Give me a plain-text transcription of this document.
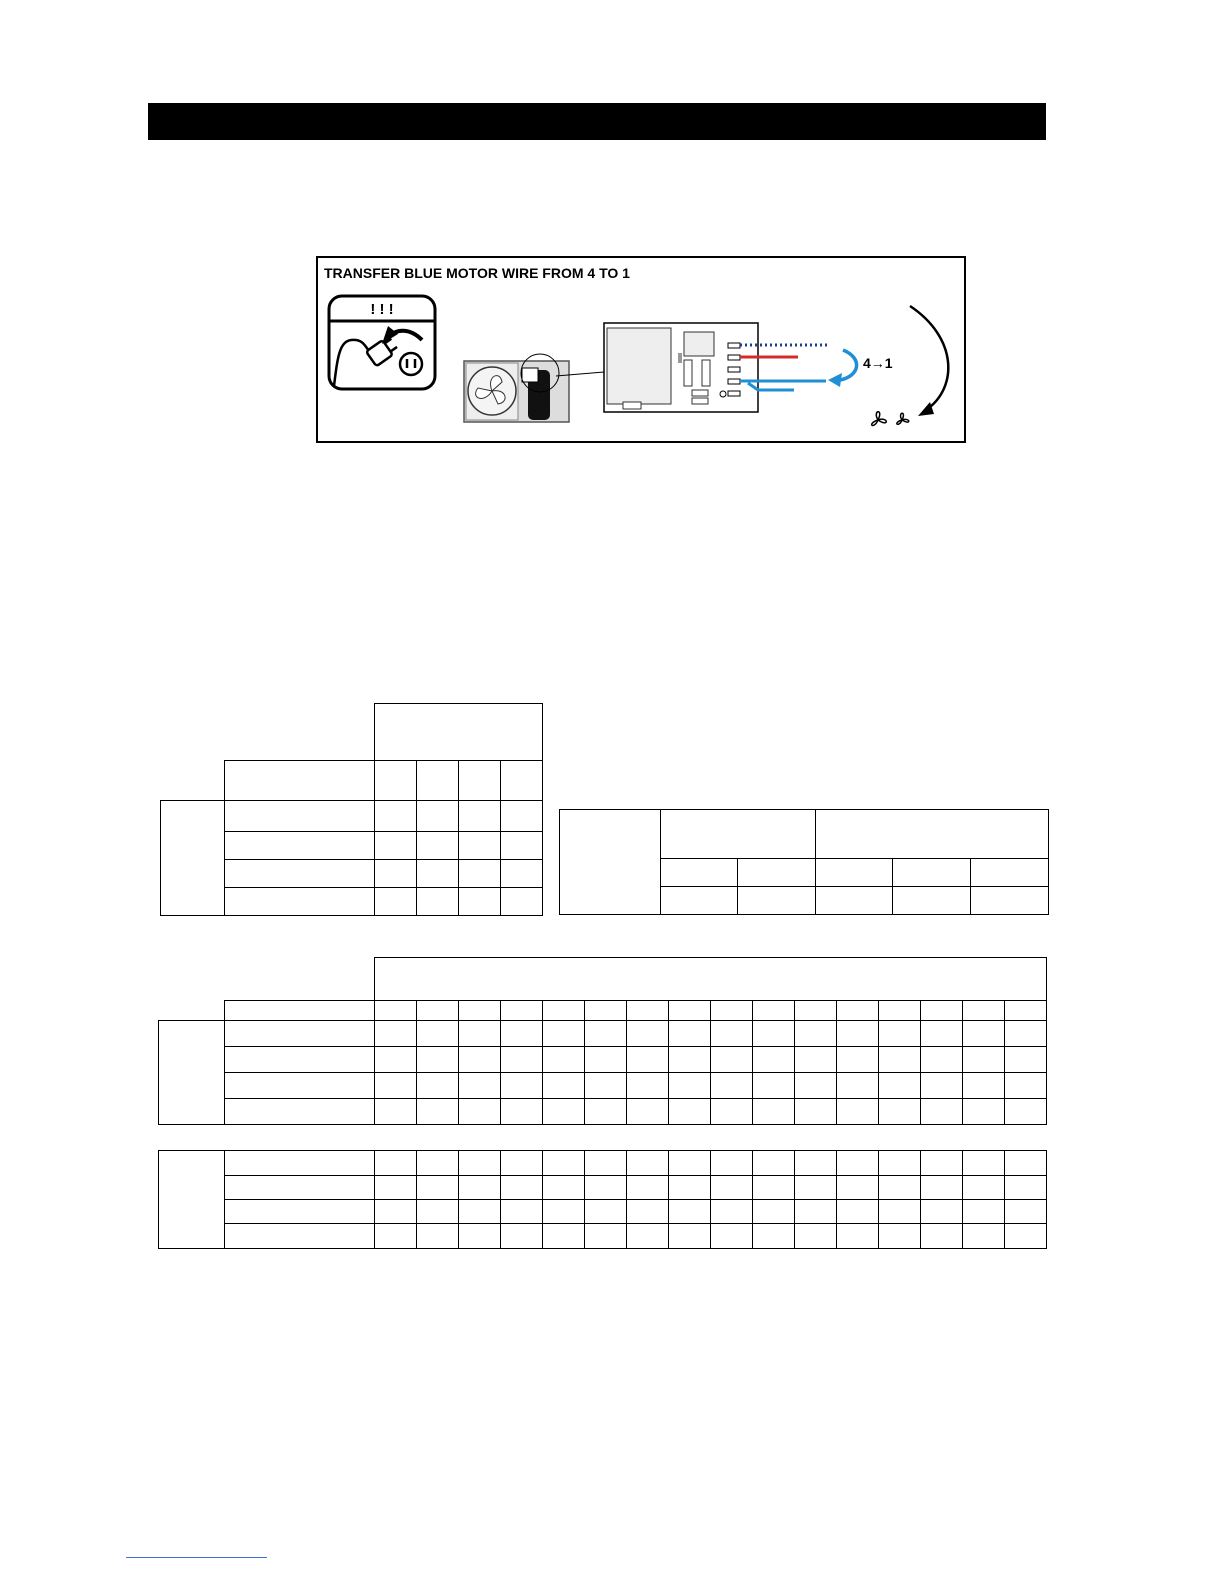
TRANSFER BLUE MOTOR WIRE FROM 4 TO 1
! ! !
4→1
